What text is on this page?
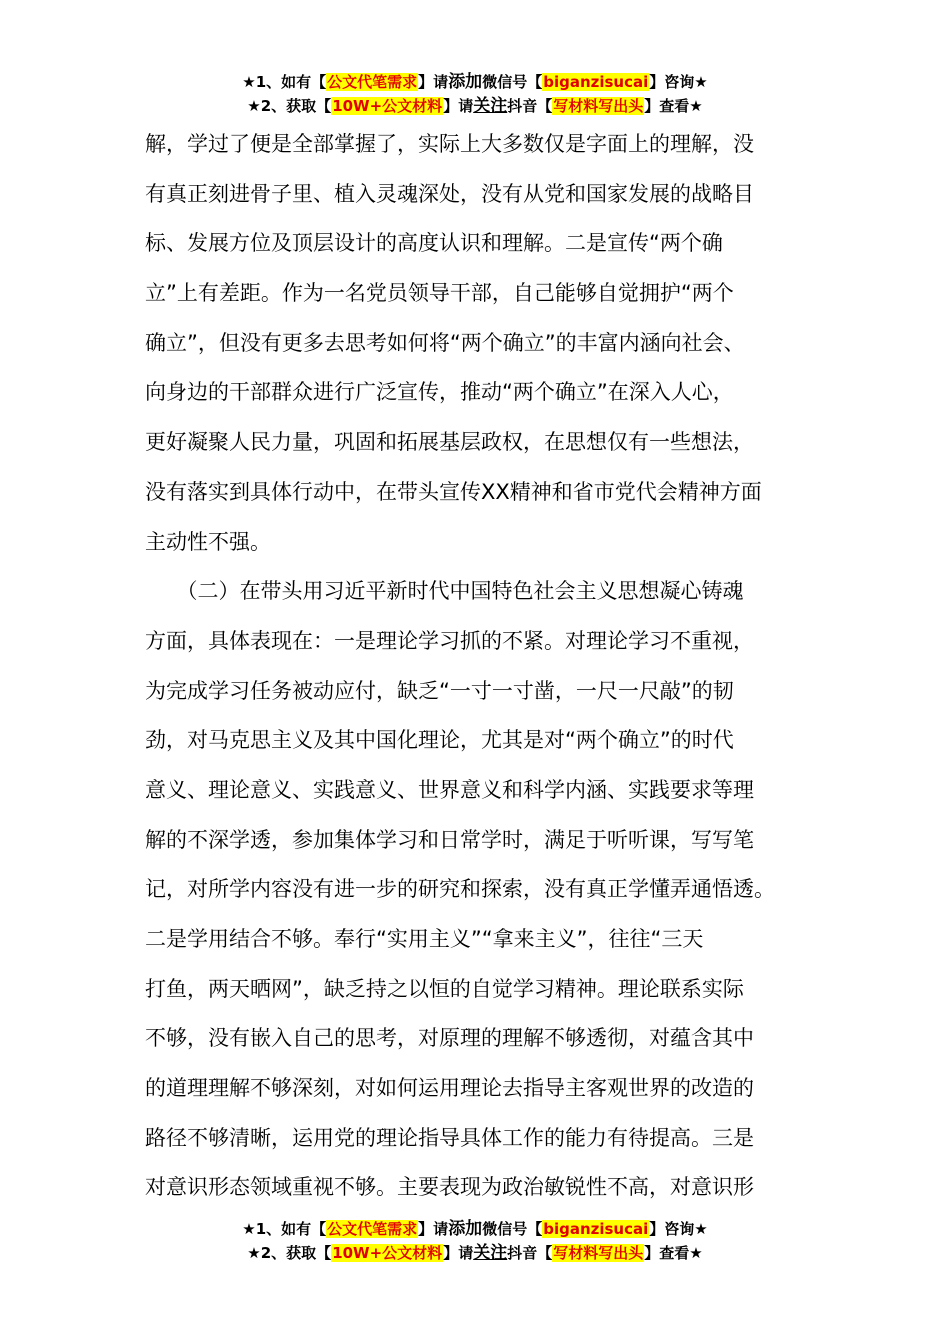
★1、如有【公文代笔需求】请添加微信号【biganzisucai】咨询★
★2、获取【10W+公文材料】请关注抖音【写材料写出头】查看★
解，学过了便是全部掌握了，实际上大多数仅是字面上的理解，没
有真正刻进骨子里、植入灵魂深处，没有从党和国家发展的战略目
标、发展方位及顶层设计的高度认识和理解。二是宣传“两个确
立”上有差距。作为一名党员领导干部，自己能够自觉拥护“两个
确立”，但没有更多去思考如何将“两个确立”的丰富内涵向社会、
向身边的干部群众进行广泛宣传，推动“两个确立”在深入人心，
更好凝聚人民力量，巩固和拓展基层政权，在思想仅有一些想法，
没有落实到具体行动中，在带头宣传XX精神和省市党代会精神方面
主动性不强。
　　（二）在带头用习近平新时代中国特色社会主义思想凝心铸魂
方面，具体表现在：一是理论学习抓的不紧。对理论学习不重视，
为完成学习任务被动应付，缺乏“一寸一寸凿，一尺一尺敲”的韧
劲，对马克思主义及其中国化理论，尤其是对“两个确立”的时代
意义、理论意义、实践意义、世界意义和科学内涵、实践要求等理
解的不深学透，参加集体学习和日常学时，满足于听听课，写写笔
记，对所学内容没有进一步的研究和探索，没有真正学懂弄通悟透。
二是学用结合不够。奉行“实用主义”“拿来主义”，往往“三天
打鱼，两天晒网”，缺乏持之以恒的自觉学习精神。理论联系实际
不够，没有嵌入自己的思考，对原理的理解不够透彻，对蕴含其中
的道理理解不够深刻，对如何运用理论去指导主客观世界的改造的
路径不够清晰，运用党的理论指导具体工作的能力有待提高。三是
对意识形态领域重视不够。主要表现为政治敏锐性不高，对意识形
★1、如有【公文代笔需求】请添加微信号【biganzisucai】咨询★
★2、获取【10W+公文材料】请关注抖音【写材料写出头】查看★
